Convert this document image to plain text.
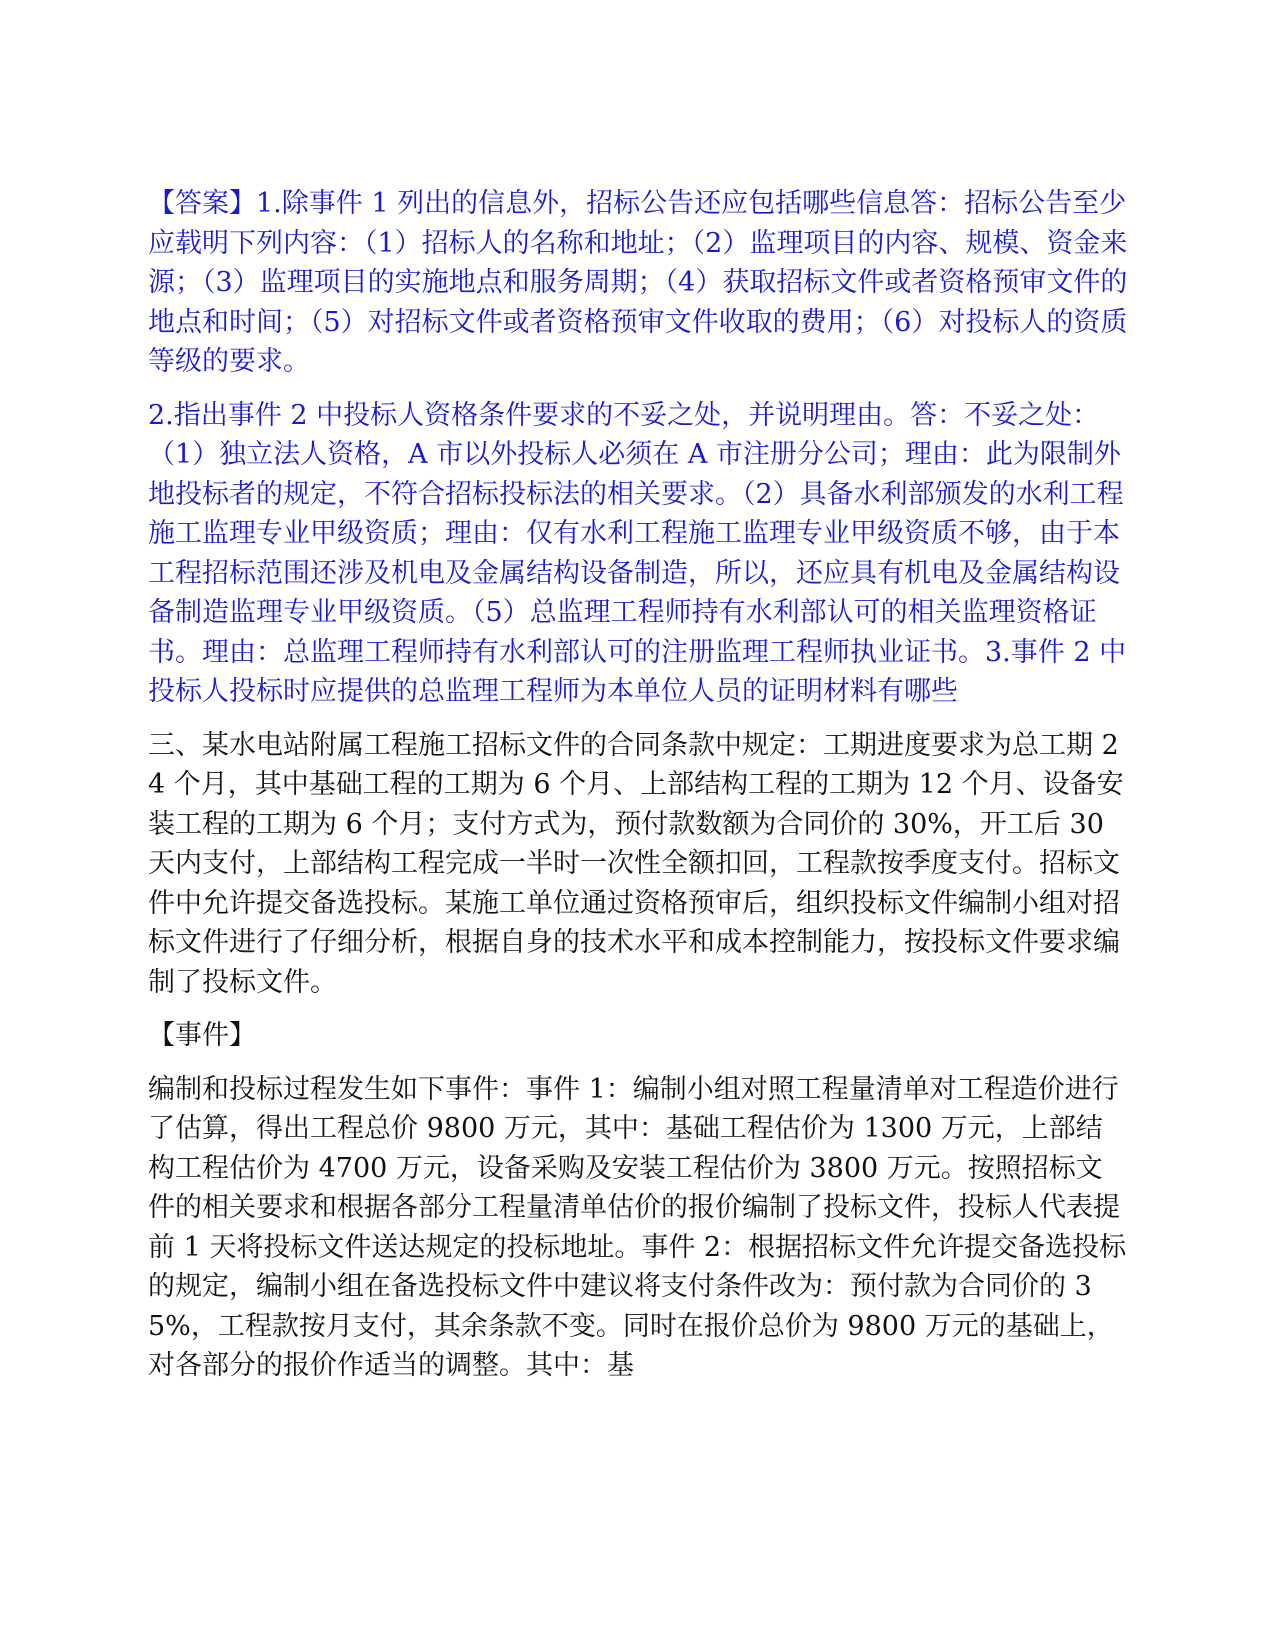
【答案】1.除事件 1 列出的信息外，招标公告还应包括哪些信息答：招标公告至少应载明下列内容：（1）招标人的名称和地址；（2）监理项目的内容、规模、资金来源；（3）监理项目的实施地点和服务周期；（4）获取招标文件或者资格预审文件的地点和时间；（5）对招标文件或者资格预审文件收取的费用；（6）对投标人的资质等级的要求。

2.指出事件 2 中投标人资格条件要求的不妥之处，并说明理由。答：不妥之处：（1）独立法人资格，A 市以外投标人必须在 A 市注册分公司；理由：此为限制外地投标者的规定，不符合招标投标法的相关要求。（2）具备水利部颁发的水利工程施工监理专业甲级资质；理由：仅有水利工程施工监理专业甲级资质不够，由于本工程招标范围还涉及机电及金属结构设备制造，所以，还应具有机电及金属结构设备制造监理专业甲级资质。（5）总监理工程师持有水利部认可的相关监理资格证书。理由：总监理工程师持有水利部认可的注册监理工程师执业证书。3.事件 2 中投标人投标时应提供的总监理工程师为本单位人员的证明材料有哪些

三、某水电站附属工程施工招标文件的合同条款中规定：工期进度要求为总工期 24 个月，其中基础工程的工期为 6 个月、上部结构工程的工期为 12 个月、设备安装工程的工期为 6 个月；支付方式为，预付款数额为合同价的 30%，开工后 30 天内支付，上部结构工程完成一半时一次性全额扣回，工程款按季度支付。招标文件中允许提交备选投标。某施工单位通过资格预审后，组织投标文件编制小组对招标文件进行了仔细分析，根据自身的技术水平和成本控制能力，按投标文件要求编制了投标文件。

【事件】

编制和投标过程发生如下事件：事件 1：编制小组对照工程量清单对工程造价进行了估算，得出工程总价 9800 万元，其中：基础工程估价为 1300 万元，上部结构工程估价为 4700 万元，设备采购及安装工程估价为 3800 万元。按照招标文件的相关要求和根据各部分工程量清单估价的报价编制了投标文件，投标人代表提前 1 天将投标文件送达规定的投标地址。事件 2：根据招标文件允许提交备选投标的规定，编制小组在备选投标文件中建议将支付条件改为：预付款为合同价的 35%，工程款按月支付，其余条款不变。同时在报价总价为 9800 万元的基础上，对各部分的报价作适当的调整。其中：基
